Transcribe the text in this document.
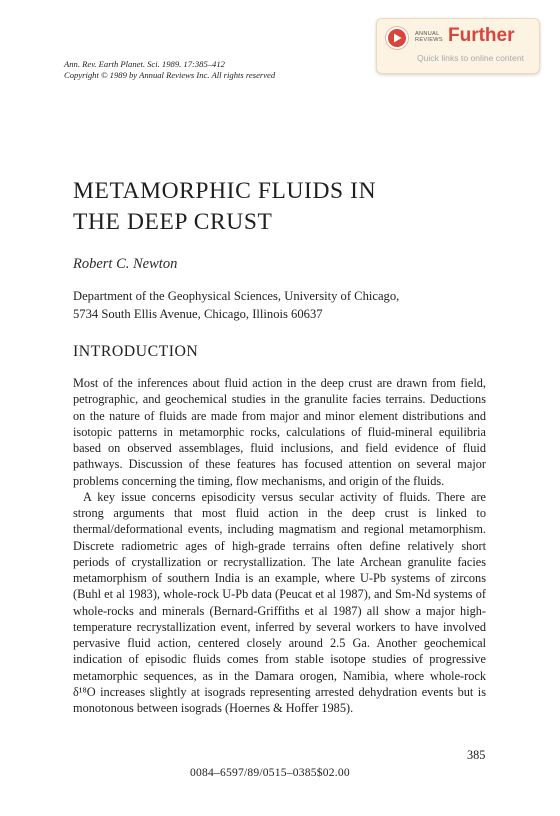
Ann. Rev. Earth Planet. Sci. 1989. 17:385–412
Copyright © 1989 by Annual Reviews Inc. All rights reserved
ANNUAL
REVIEWS Further
Quick links to online content
METAMORPHIC FLUIDS IN
THE DEEP CRUST
Robert C. Newton
Department of the Geophysical Sciences, University of Chicago,
5734 South Ellis Avenue, Chicago, Illinois 60637
INTRODUCTION

Most of the inferences about fluid action in the deep crust are drawn from field, petrographic, and geochemical studies in the granulite facies terrains. Deductions on the nature of fluids are made from major and minor element distributions and isotopic patterns in metamorphic rocks, calculations of fluid-mineral equilibria based on observed assemblages, fluid inclusions, and field evidence of fluid pathways. Discussion of these features has focused attention on several major problems concerning the timing, flow mechanisms, and origin of the fluids.

A key issue concerns episodicity versus secular activity of fluids. There are strong arguments that most fluid action in the deep crust is linked to thermal/deformational events, including magmatism and regional metamorphism. Discrete radiometric ages of high-grade terrains often define relatively short periods of crystallization or recrystallization. The late Archean granulite facies metamorphism of southern India is an example, where U-Pb systems of zircons (Buhl et al 1983), whole-rock U-Pb data (Peucat et al 1987), and Sm-Nd systems of whole-rocks and minerals (Bernard-Griffiths et al 1987) all show a major high-temperature recrystallization event, inferred by several workers to have involved pervasive fluid action, centered closely around 2.5 Ga. Another geochemical indication of episodic fluids comes from stable isotope studies of progressive metamorphic sequences, as in the Damara orogen, Namibia, where whole-rock δ¹⁸O increases slightly at isograds representing arrested dehydration events but is monotonous between isograds (Hoernes & Hoffer 1985).

385
0084–6597/89/0515–0385$02.00
